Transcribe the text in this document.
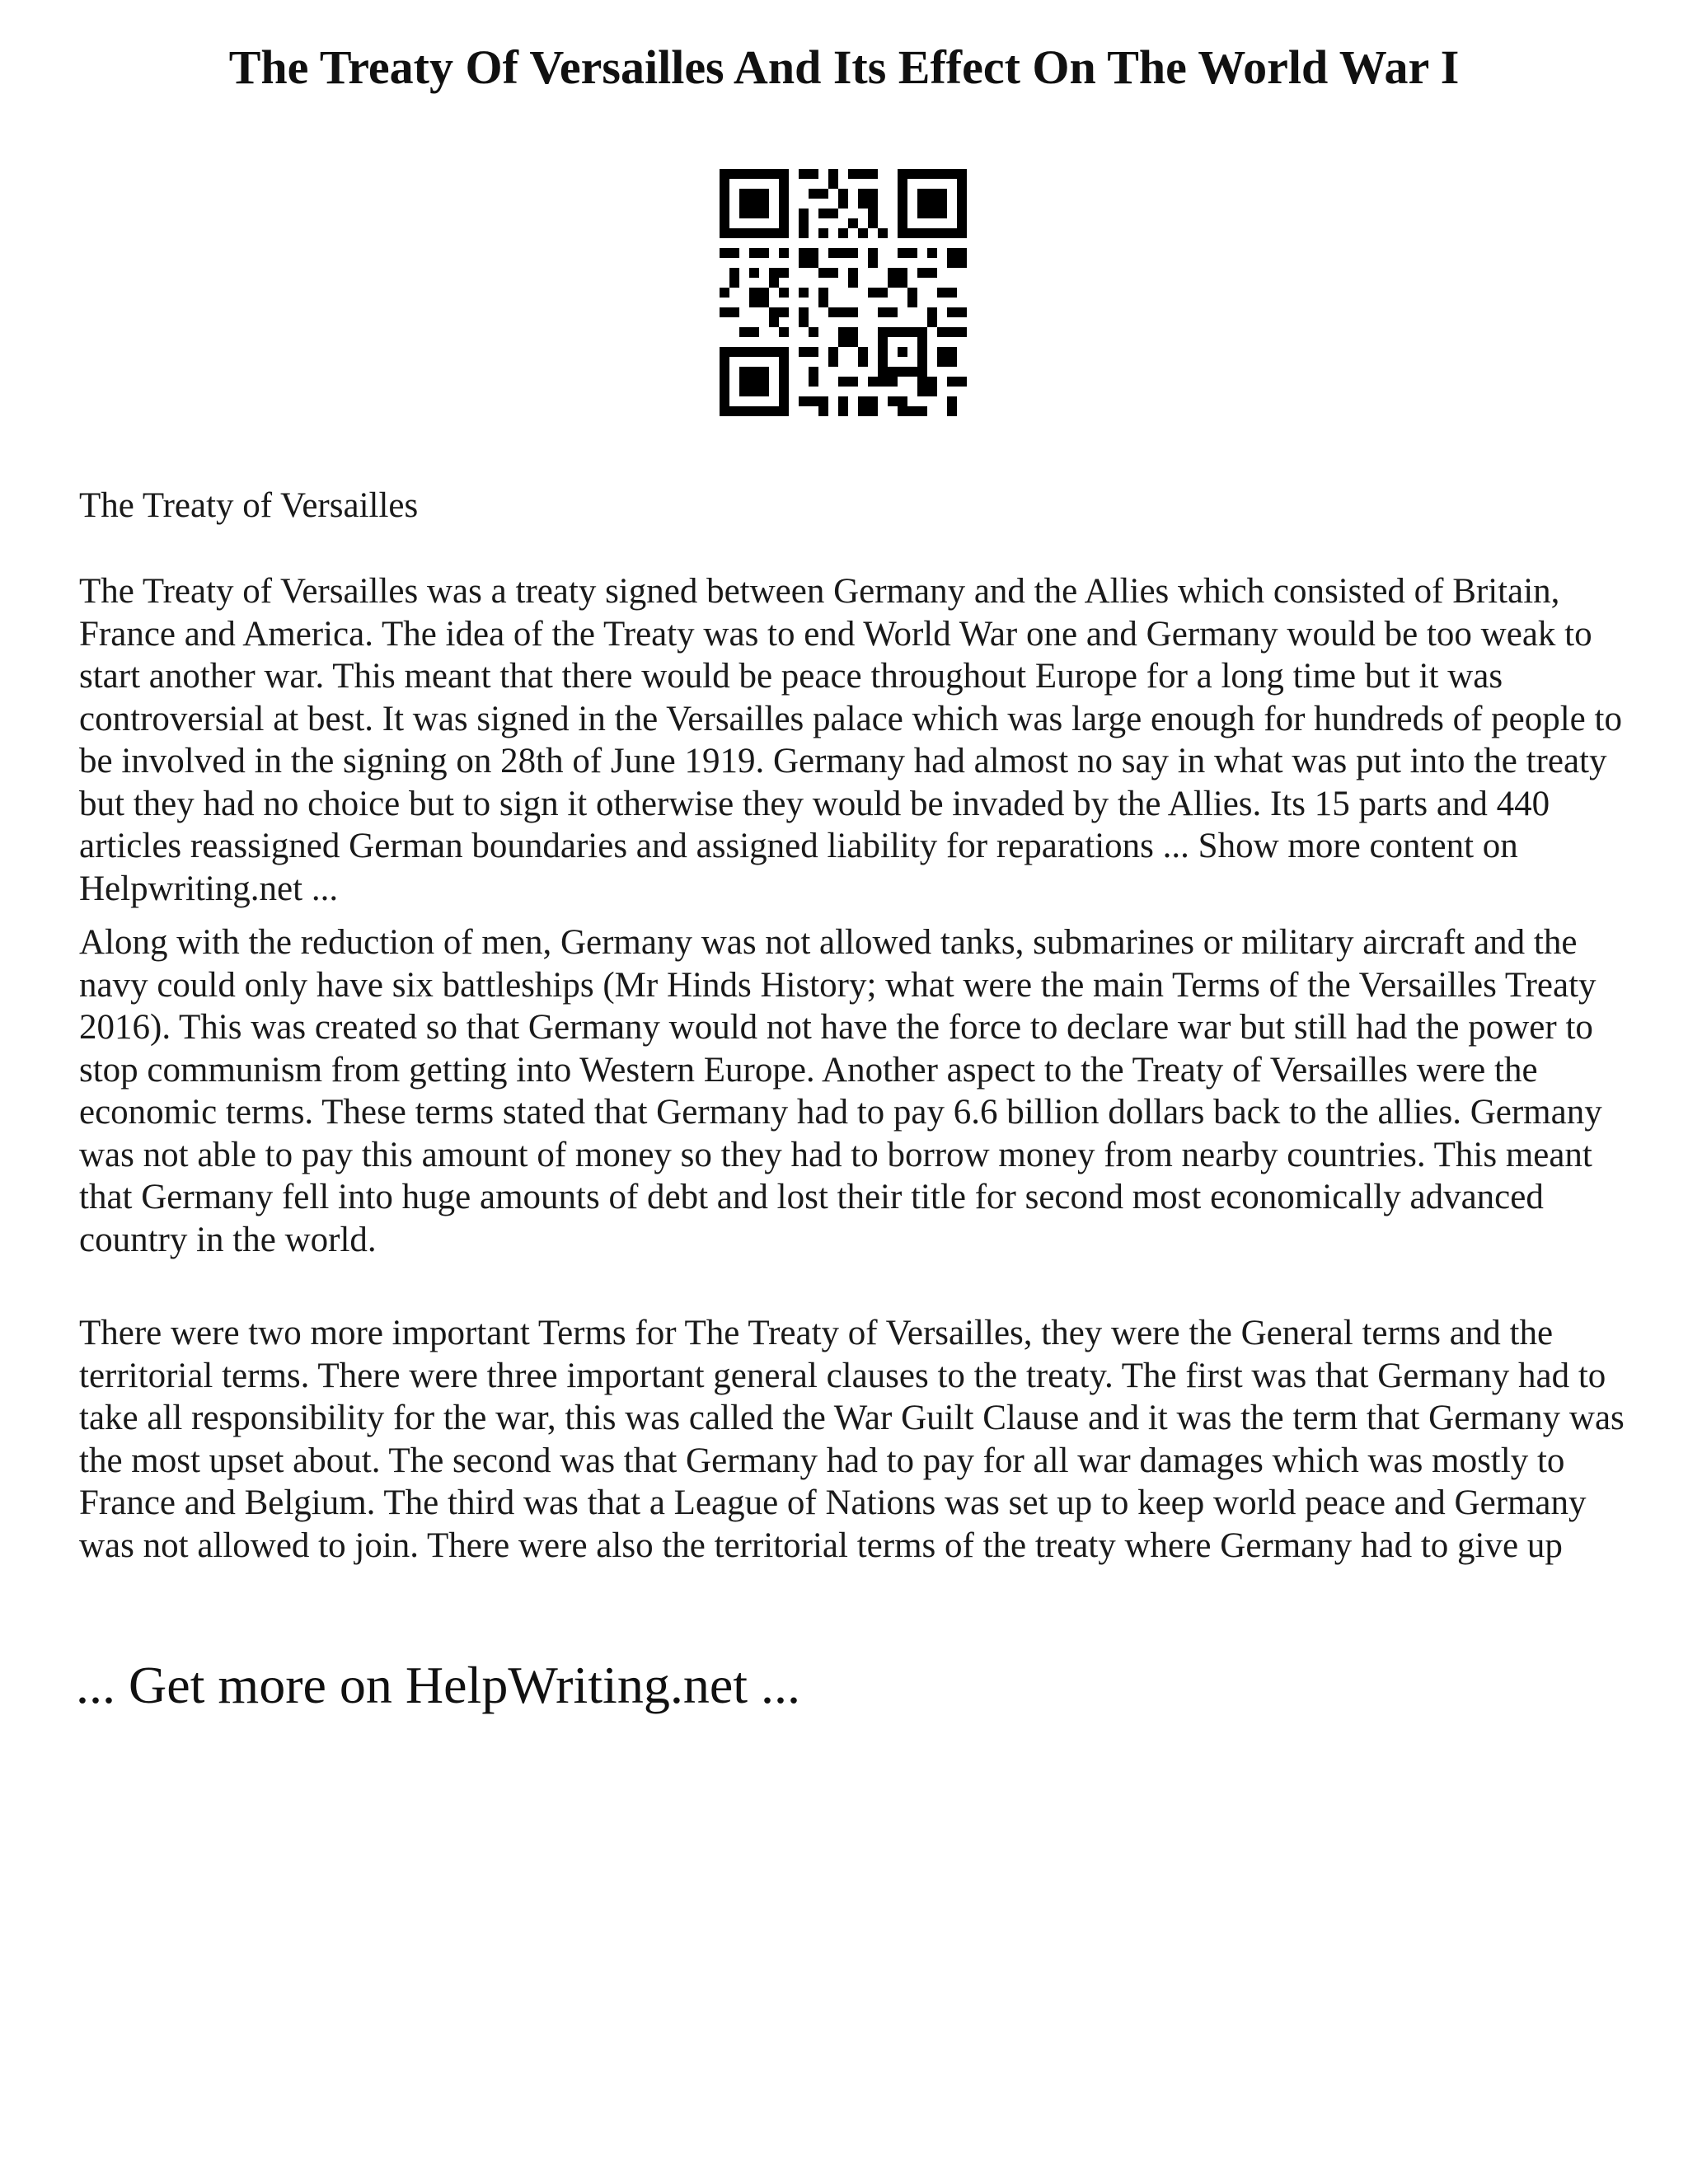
The Treaty Of Versailles And Its Effect On The World War I

The Treaty of Versailles

The Treaty of Versailles was a treaty signed between Germany and the Allies which consisted of Britain, France and America. The idea of the Treaty was to end World War one and Germany would be too weak to start another war. This meant that there would be peace throughout Europe for a long time but it was controversial at best. It was signed in the Versailles palace which was large enough for hundreds of people to be involved in the signing on 28th of June 1919. Germany had almost no say in what was put into the treaty but they had no choice but to sign it otherwise they would be invaded by the Allies. Its 15 parts and 440 articles reassigned German boundaries and assigned liability for reparations ... Show more content on Helpwriting.net ...

Along with the reduction of men, Germany was not allowed tanks, submarines or military aircraft and the navy could only have six battleships (Mr Hinds History; what were the main Terms of the Versailles Treaty 2016). This was created so that Germany would not have the force to declare war but still had the power to stop communism from getting into Western Europe. Another aspect to the Treaty of Versailles were the economic terms. These terms stated that Germany had to pay 6.6 billion dollars back to the allies. Germany was not able to pay this amount of money so they had to borrow money from nearby countries. This meant that Germany fell into huge amounts of debt and lost their title for second most economically advanced country in the world.

There were two more important Terms for The Treaty of Versailles, they were the General terms and the territorial terms. There were three important general clauses to the treaty. The first was that Germany had to take all responsibility for the war, this was called the War Guilt Clause and it was the term that Germany was the most upset about. The second was that Germany had to pay for all war damages which was mostly to France and Belgium. The third was that a League of Nations was set up to keep world peace and Germany was not allowed to join. There were also the territorial terms of the treaty where Germany had to give up

... Get more on HelpWriting.net ...
